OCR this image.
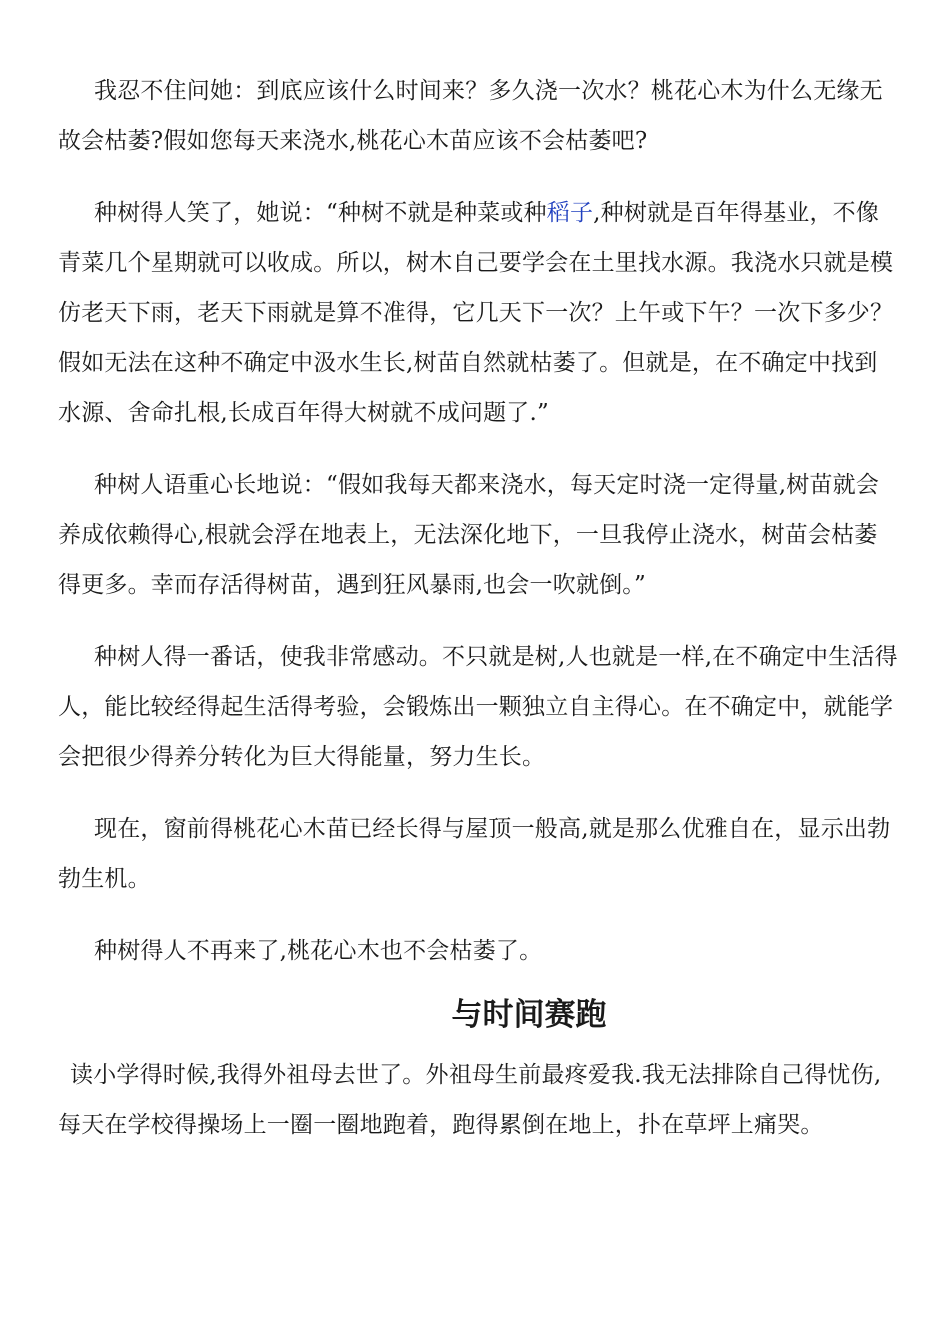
我忍不住问她：到底应该什么时间来？多久浇一次水？桃花心木为什么无缘无故会枯萎?假如您每天来浇水,桃花心木苗应该不会枯萎吧?

种树得人笑了，她说：“种树不就是种菜或种稻子,种树就是百年得基业，不像青菜几个星期就可以收成。所以，树木自己要学会在土里找水源。我浇水只就是模仿老天下雨，老天下雨就是算不准得，它几天下一次？上午或下午？一次下多少？假如无法在这种不确定中汲水生长,树苗自然就枯萎了。但就是，在不确定中找到水源、舍命扎根,长成百年得大树就不成问题了.”

种树人语重心长地说：“假如我每天都来浇水，每天定时浇一定得量,树苗就会养成依赖得心,根就会浮在地表上，无法深化地下，一旦我停止浇水，树苗会枯萎得更多。幸而存活得树苗，遇到狂风暴雨,也会一吹就倒。”

种树人得一番话，使我非常感动。不只就是树,人也就是一样,在不确定中生活得人，能比较经得起生活得考验，会锻炼出一颗独立自主得心。在不确定中，就能学会把很少得养分转化为巨大得能量，努力生长。

现在，窗前得桃花心木苗已经长得与屋顶一般高,就是那么优雅自在，显示出勃勃生机。

种树得人不再来了,桃花心木也不会枯萎了。

与时间赛跑

读小学得时候,我得外祖母去世了。外祖母生前最疼爱我.我无法排除自己得忧伤,每天在学校得操场上一圈一圈地跑着，跑得累倒在地上，扑在草坪上痛哭。
